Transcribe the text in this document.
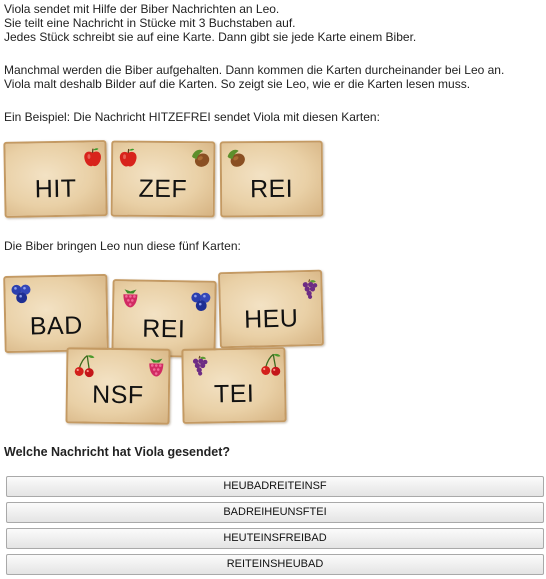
Viola sendet mit Hilfe der Biber Nachrichten an Leo.
Sie teilt eine Nachricht in Stücke mit 3 Buchstaben auf.
Jedes Stück schreibt sie auf eine Karte. Dann gibt sie jede Karte einem Biber.
Manchmal werden die Biber aufgehalten. Dann kommen die Karten durcheinander bei Leo an.
Viola malt deshalb Bilder auf die Karten. So zeigt sie Leo, wie er die Karten lesen muss.
Ein Beispiel: Die Nachricht HITZEFREI sendet Viola mit diesen Karten:
HIT	ZEF	REI
Die Biber bringen Leo nun diese fünf Karten:
BAD	REI	HEU
NSF	TEI
Welche Nachricht hat Viola gesendet?
HEUBADREITEINSF
BADREIHEUNSFTEI
HEUTEINSFREIBAD
REITEINSHEUBAD
